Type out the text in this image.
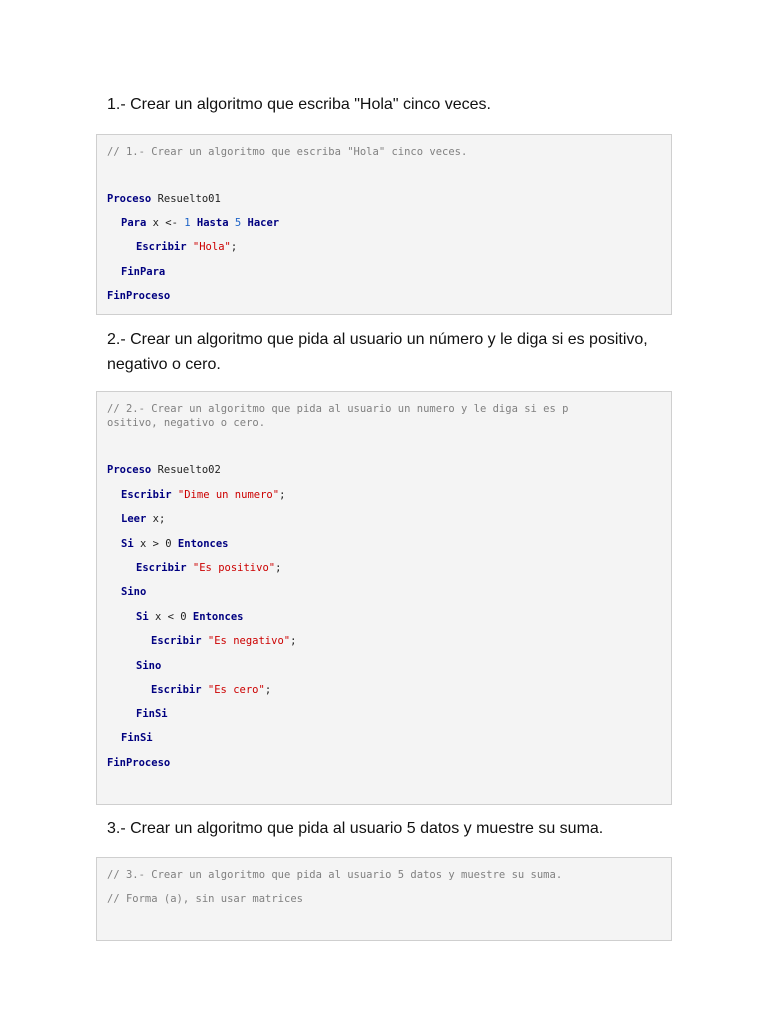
1.- Crear un algoritmo que escriba "Hola" cinco veces.
// 1.- Crear un algoritmo que escriba "Hola" cinco veces.
Proceso Resuelto01
Para x <- 1 Hasta 5 Hacer
Escribir "Hola";
FinPara
FinProceso
2.- Crear un algoritmo que pida al usuario un número y le diga si es positivo,
negativo o cero.
// 2.- Crear un algoritmo que pida al usuario un numero y le diga si es p
ositivo, negativo o cero.
Proceso Resuelto02
Escribir "Dime un numero";
Leer x;
Si x > 0 Entonces
Escribir "Es positivo";
Sino
Si x < 0 Entonces
Escribir "Es negativo";
Sino
Escribir "Es cero";
FinSi
FinSi
FinProceso
3.- Crear un algoritmo que pida al usuario 5 datos y muestre su suma.
// 3.- Crear un algoritmo que pida al usuario 5 datos y muestre su suma.
// Forma (a), sin usar matrices
